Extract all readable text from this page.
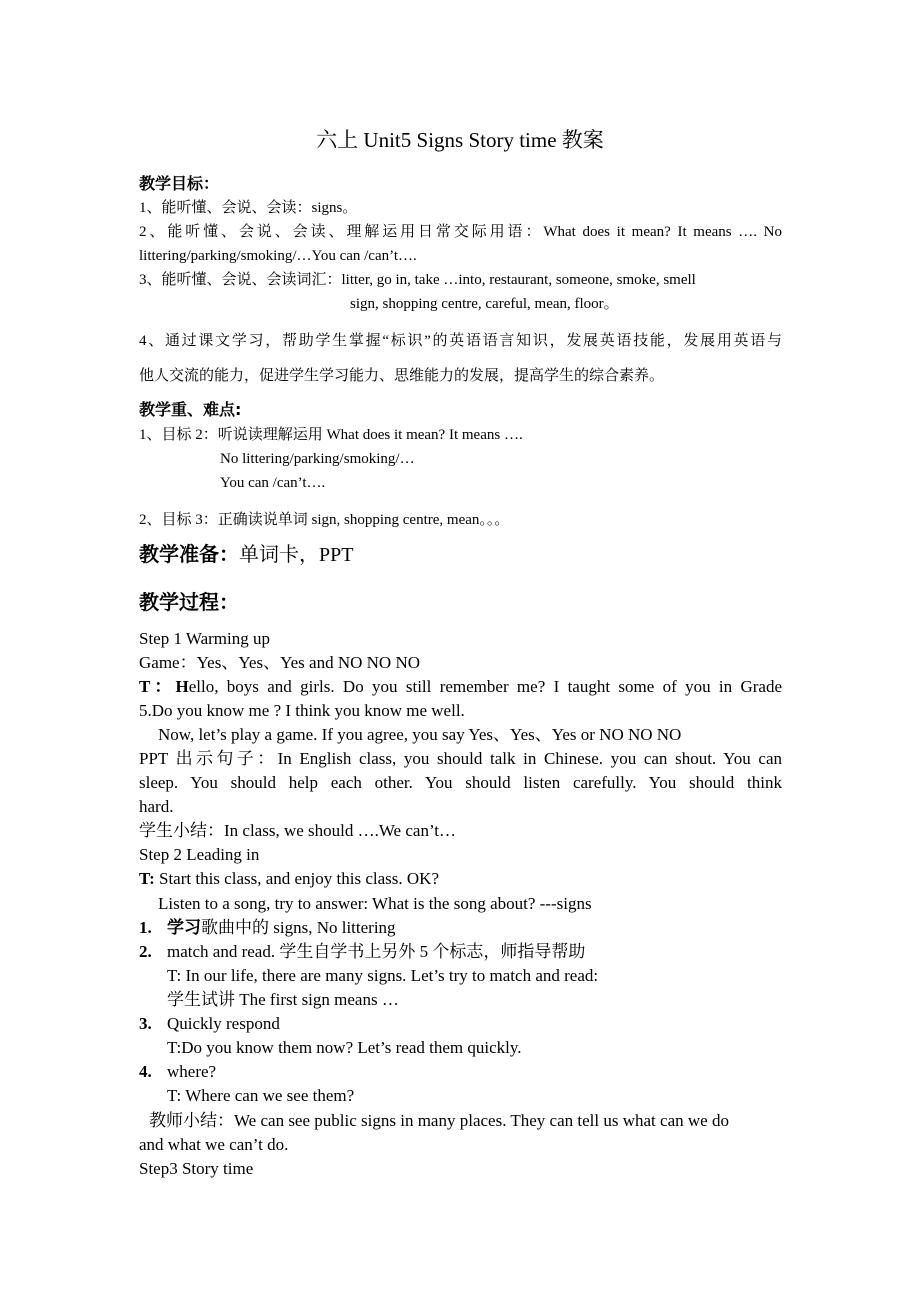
六上 Unit5 Signs Story time 教案
教学目标：
1、能听懂、会说、会读：signs。
2、能听懂、会说、会读、理解运用日常交际用语：What does it mean? It means …. No
littering/parking/smoking/…You can /can’t….
3、能听懂、会说、会读词汇：litter, go in, take …into, restaurant, someone, smoke, smell
sign, shopping centre, careful, mean, floor。
4、通过课文学习，帮助学生掌握“标识”的英语语言知识，发展英语技能，发展用英语与
他人交流的能力，促进学生学习能力、思维能力的发展，提高学生的综合素养。
教学重、难点:
1、目标 2：听说读理解运用 What does it mean? It means ….
No littering/parking/smoking/…
You can /can’t….
2、目标 3：正确读说单词 sign, shopping centre, mean。。。
教学准备：单词卡，PPT
教学过程：
Step 1 Warming up
Game：Yes、Yes、Yes and NO NO NO
T：Hello, boys and girls. Do you still remember me? I taught some of you in Grade
5.Do you know me ? I think you know me well.
Now, let’s play a game. If you agree, you say Yes、Yes、Yes or NO NO NO
PPT 出示句子：In English class, you should talk in Chinese. you can shout. You can
sleep. You should help each other. You should listen carefully. You should think
hard.
学生小结：In class, we should ….We can’t…
Step 2 Leading in
T: Start this class, and enjoy this class. OK?
Listen to a song, try to answer: What is the song about? ---signs
1. 学习歌曲中的 signs, No littering
2. match and read. 学生自学书上另外 5 个标志，师指导帮助
T: In our life, there are many signs. Let’s try to match and read:
学生试讲 The first sign means …
3. Quickly respond
T:Do you know them now? Let’s read them quickly.
4. where?
T: Where can we see them?
教师小结：We can see public signs in many places. They can tell us what can we do
and what we can’t do.
Step3 Story time
